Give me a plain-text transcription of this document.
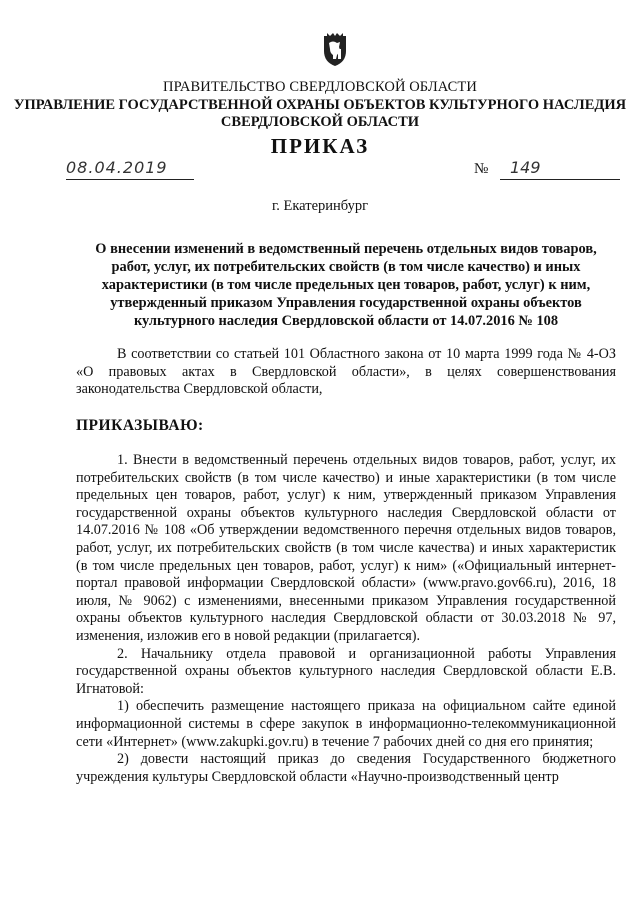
ПРАВИТЕЛЬСТВО СВЕРДЛОВСКОЙ ОБЛАСТИ
УПРАВЛЕНИЕ ГОСУДАРСТВЕННОЙ ОХРАНЫ ОБЪЕКТОВ КУЛЬТУРНОГО НАСЛЕДИЯ
СВЕРДЛОВСКОЙ ОБЛАСТИ
ПРИКАЗ
08.04.2019	№ 149
г. Екатеринбург
О внесении изменений в ведомственный перечень отдельных видов товаров, работ, услуг, их потребительских свойств (в том числе качество) и иных характеристики (в том числе предельных цен товаров, работ, услуг) к ним, утвержденный приказом Управления государственной охраны объектов культурного наследия Свердловской области от 14.07.2016 № 108
В соответствии со статьей 101 Областного закона от 10 марта 1999 года № 4-ОЗ «О правовых актах в Свердловской области», в целях совершенствования законодательства Свердловской области,
ПРИКАЗЫВАЮ:

1. Внести в ведомственный перечень отдельных видов товаров, работ, услуг, их потребительских свойств (в том числе качество) и иные характеристики (в том числе предельных цен товаров, работ, услуг) к ним, утвержденный приказом Управления государственной охраны объектов культурного наследия Свердловской области от 14.07.2016 № 108 «Об утверждении ведомственного перечня отдельных видов товаров, работ, услуг, их потребительских свойств (в том числе качества) и иных характеристик (в том числе предельных цен товаров, работ, услуг) к ним» («Официальный интернет-портал правовой информации Свердловской области» (www.pravo.gov66.ru), 2016, 18 июля, № 9062) с изменениями, внесенными приказом Управления государственной охраны объектов культурного наследия Свердловской области от 30.03.2018 № 97, изменения, изложив его в новой редакции (прилагается).

2. Начальнику отдела правовой и организационной работы Управления государственной охраны объектов культурного наследия Свердловской области Е.В. Игнатовой:

1) обеспечить размещение настоящего приказа на официальном сайте единой информационной системы в сфере закупок в информационно-телекоммуникационной сети «Интернет» (www.zakupki.gov.ru) в течение 7 рабочих дней со дня его принятия;

2) довести настоящий приказ до сведения Государственного бюджетного учреждения культуры Свердловской области «Научно-производственный центр
